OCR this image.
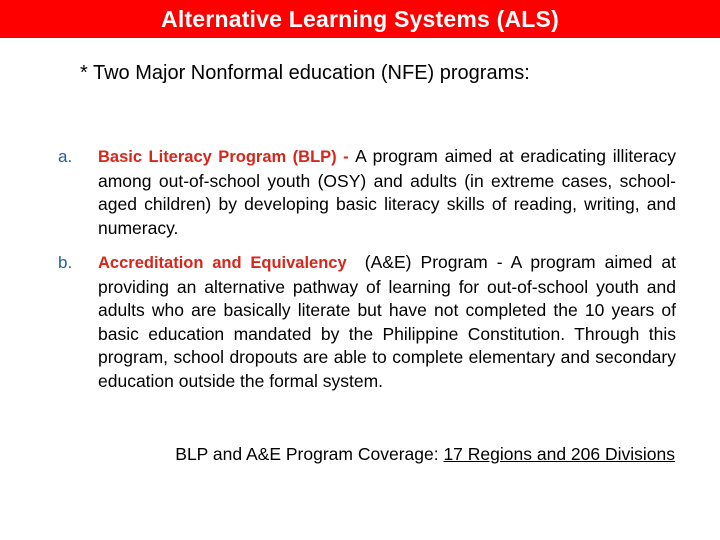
Alternative Learning Systems (ALS)
* Two Major Nonformal education (NFE) programs:
a.	Basic Literacy Program (BLP) - A program aimed at eradicating illiteracy among out-of-school youth (OSY) and adults (in extreme cases, school-aged children) by developing basic literacy skills of reading, writing, and numeracy.
b.	Accreditation and Equivalency (A&E) Program - A program aimed at providing an alternative pathway of learning for out-of-school youth and adults who are basically literate but have not completed the 10 years of basic education mandated by the Philippine Constitution. Through this program, school dropouts are able to complete elementary and secondary education outside the formal system.
BLP and A&E Program Coverage: 17 Regions and 206 Divisions
